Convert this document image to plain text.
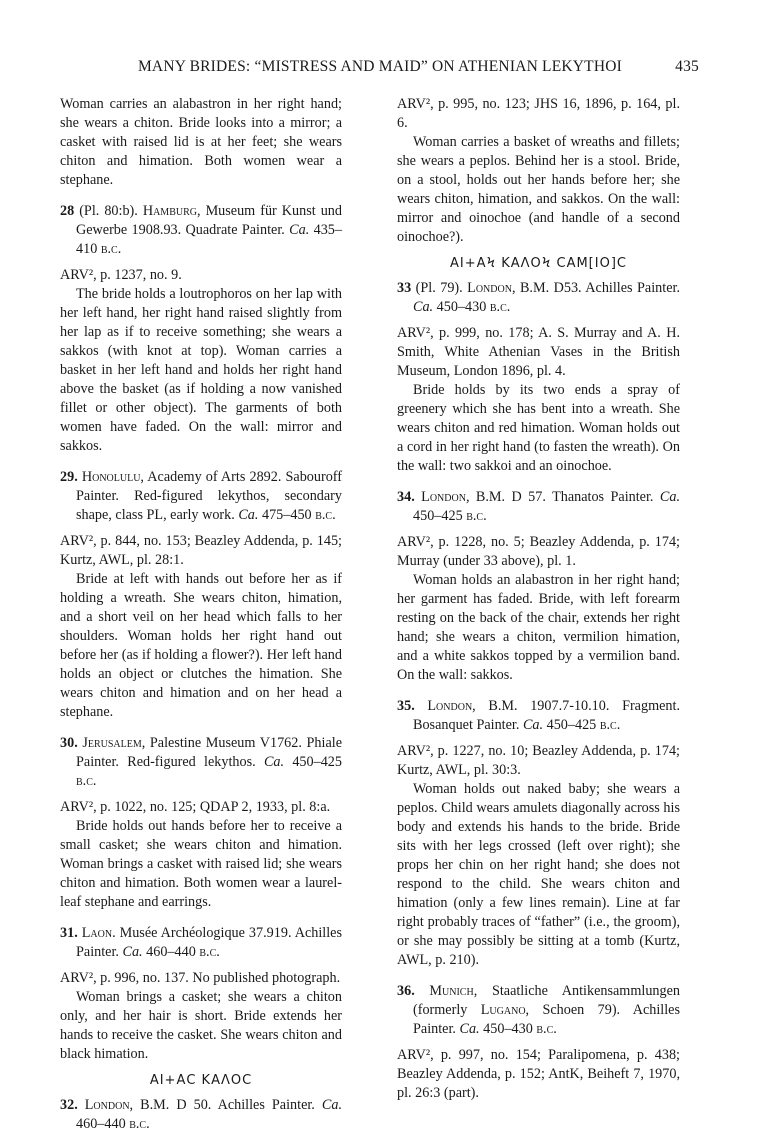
MANY BRIDES: “MISTRESS AND MAID” ON ATHENIAN LEKYTHOI	435

Woman carries an alabastron in her right hand; she wears a chiton. Bride looks into a mirror; a casket with raised lid is at her feet; she wears chiton and himation. Both women wear a stephane.

28 (Pl. 80:b). Hamburg, Museum für Kunst und Gewerbe 1908.93. Quadrate Painter. Ca. 435–410 b.c.

ARV², p. 1237, no. 9.

The bride holds a loutrophoros on her lap with her left hand, her right hand raised slightly from her lap as if to receive something; she wears a sakkos (with knot at top). Woman carries a basket in her left hand and holds her right hand above the basket (as if holding a now vanished fillet or other object). The garments of both women have faded. On the wall: mirror and sakkos.

29. Honolulu, Academy of Arts 2892. Sabouroff Painter. Red-figured lekythos, secondary shape, class PL, early work. Ca. 475–450 b.c.

ARV², p. 844, no. 153; Beazley Addenda, p. 145; Kurtz, AWL, pl. 28:1.

Bride at left with hands out before her as if holding a wreath. She wears chiton, himation, and a short veil on her head which falls to her shoulders. Woman holds her right hand out before her (as if holding a flower?). Her left hand holds an object or clutches the himation. She wears chiton and himation and on her head a stephane.

30. Jerusalem, Palestine Museum V1762. Phiale Painter. Red-figured lekythos. Ca. 450–425 b.c.

ARV², p. 1022, no. 125; QDAP 2, 1933, pl. 8:a.

Bride holds out hands before her to receive a small casket; she wears chiton and himation. Woman brings a casket with raised lid; she wears chiton and himation. Both women wear a laurel-leaf stephane and earrings.

31. Laon. Musée Archéologique 37.919. Achilles Painter. Ca. 460–440 b.c.

ARV², p. 996, no. 137. No published photograph.

Woman brings a casket; she wears a chiton only, and her hair is short. Bride extends her hands to receive the casket. She wears chiton and black himation.

ΑΙ+ΑϹ ΚΑΛΟϹ

32. London, B.M. D 50. Achilles Painter. Ca. 460–440 b.c.

ARV², p. 995, no. 123; JHS 16, 1896, p. 164, pl. 6.

Woman carries a basket of wreaths and fillets; she wears a peplos. Behind her is a stool. Bride, on a stool, holds out her hands before her; she wears chiton, himation, and sakkos. On the wall: mirror and oinochoe (and handle of a second oinochoe?).

ΑΙ+ΑϞ ΚΑΛΟϞ ϹΑΜ[ΙΟ]Ϲ

33 (Pl. 79). London, B.M. D53. Achilles Painter. Ca. 450–430 b.c.

ARV², p. 999, no. 178; A. S. Murray and A. H. Smith, White Athenian Vases in the British Museum, London 1896, pl. 4.

Bride holds by its two ends a spray of greenery which she has bent into a wreath. She wears chiton and red himation. Woman holds out a cord in her right hand (to fasten the wreath). On the wall: two sakkoi and an oinochoe.

34. London, B.M. D 57. Thanatos Painter. Ca. 450–425 b.c.

ARV², p. 1228, no. 5; Beazley Addenda, p. 174; Murray (under 33 above), pl. 1.

Woman holds an alabastron in her right hand; her garment has faded. Bride, with left forearm resting on the back of the chair, extends her right hand; she wears a chiton, vermilion himation, and a white sakkos topped by a vermilion band. On the wall: sakkos.

35. London, B.M. 1907.7-10.10. Fragment. Bosanquet Painter. Ca. 450–425 b.c.

ARV², p. 1227, no. 10; Beazley Addenda, p. 174; Kurtz, AWL, pl. 30:3.

Woman holds out naked baby; she wears a peplos. Child wears amulets diagonally across his body and extends his hands to the bride. Bride sits with her legs crossed (left over right); she props her chin on her right hand; she does not respond to the child. She wears chiton and himation (only a few lines remain). Line at far right probably traces of “father” (i.e., the groom), or she may possibly be sitting at a tomb (Kurtz, AWL, p. 210).

36. Munich, Staatliche Antikensammlungen (formerly Lugano, Schoen 79). Achilles Painter. Ca. 450–430 b.c.

ARV², p. 997, no. 154; Paralipomena, p. 438; Beazley Addenda, p. 152; AntK, Beiheft 7, 1970, pl. 26:3 (part).
